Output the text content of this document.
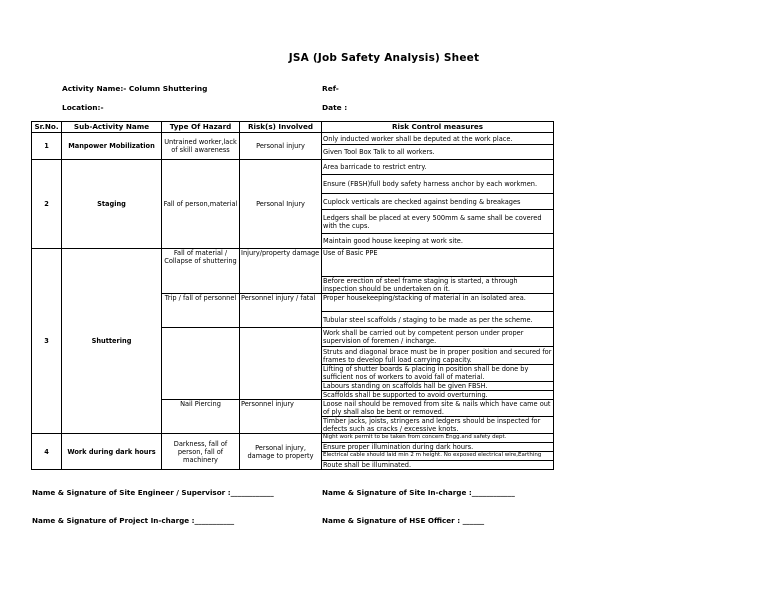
JSA (Job Safety Analysis) Sheet
Activity Name:- Column Shuttering	Ref-
Location:-	Date :
Sr.No.	Sub-Activity Name	Type Of Hazard	Risk(s) Involved	Risk Control measures
1	Manpower Mobilization	Untrained worker,lack of skill awareness	Personal injury	Only inducted worker shall be deputed at the work place.
				Given Tool Box Talk to all workers.
2	Staging	Fall of person,material	Personal Injury	Area barricade to restrict entry.
				Ensure (FBSH)full body safety harness anchor by each workmen.
				Cuplock verticals are checked against bending & breakages
				Ledgers shall be placed at every 500mm & same shall be covered with the cups.
				Maintain good house keeping at work site.
3	Shuttering	Fall of material / Collapse of shuttering	Injury/property damage	Use of Basic PPE
				Before erection of steel frame staging is started, a through inspection should be undertaken on it.
		Trip / fall of personnel	Personnel injury / fatal	Proper housekeeping/stacking of material in an isolated area.
				Tubular steel scaffolds / staging to be made as per the scheme.
				Work shall be carried out by competent person under proper supervision of foremen / incharge.
				Struts and diagonal brace must be in proper position and secured for frames to develop full load carrying capacity.
				Lifting of shutter boards & placing in position shall be done by sufficient nos of workers to avoid fall of material.
				Labours standing on scaffolds hall be given FBSH.
				Scaffolds shall be supported to avoid overturning.
		Nail Piercing	Personnel injury	Loose nail should be removed from site & nails which have came out of ply shall also be bent or removed.
				Timber jacks, joists, stringers and ledgers should be inspected for defects such as cracks / excessive knots.
4	Work during dark hours	Darkness, fall of person, fall of machinery	Personal injury, damage to property	Night work permit to be taken from concern Engg.and safety dept.
				Ensure proper illumination during dark hours.
				Electrical cable should laid min 2 m height. No exposed electrical wire,Earthing
				Route shall be illuminated.
Name & Signature of Site Engineer / Supervisor :____________	Name & Signature of Site In-charge :____________
Name & Signature of Project In-charge :___________	Name & Signature of HSE Officer : ______
